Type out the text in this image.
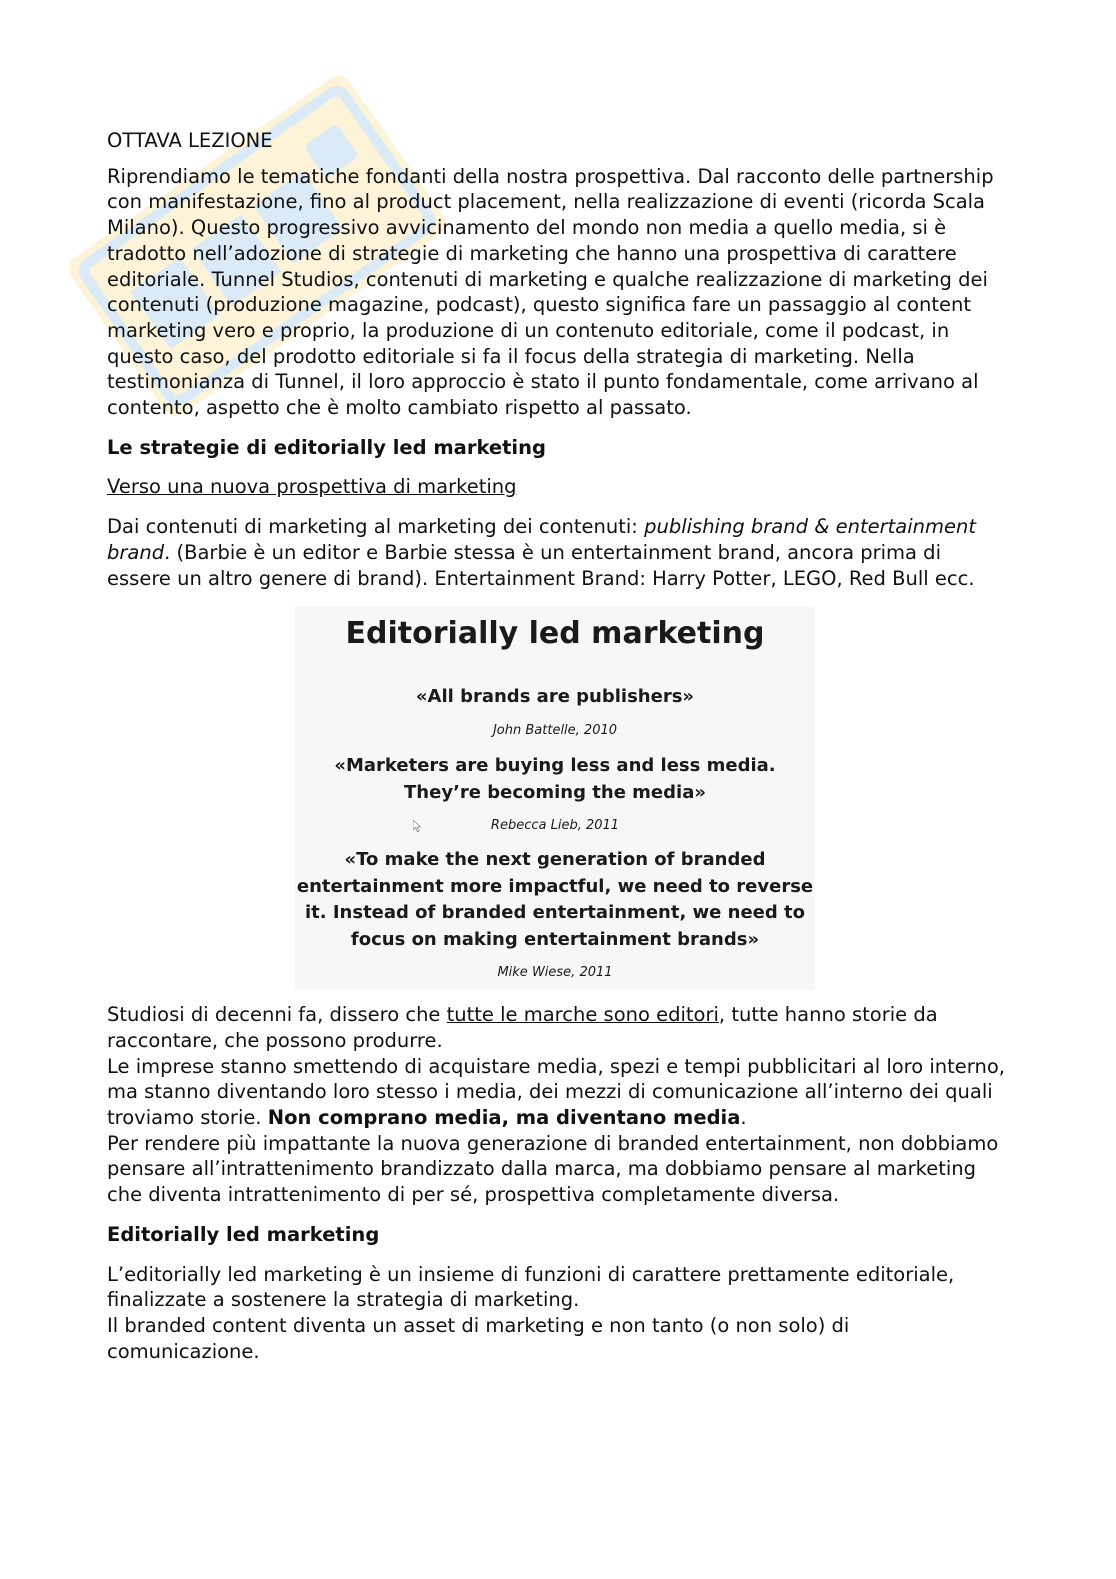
OTTAVA LEZIONE

Riprendiamo le tematiche fondanti della nostra prospettiva. Dal racconto delle partnership con manifestazione, fino al product placement, nella realizzazione di eventi (ricorda Scala Milano). Questo progressivo avvicinamento del mondo non media a quello media, si è tradotto nell’adozione di strategie di marketing che hanno una prospettiva di carattere editoriale. Tunnel Studios, contenuti di marketing e qualche realizzazione di marketing dei contenuti (produzione magazine, podcast), questo significa fare un passaggio al content marketing vero e proprio, la produzione di un contenuto editoriale, come il podcast, in questo caso, del prodotto editoriale si fa il focus della strategia di marketing. Nella testimonianza di Tunnel, il loro approccio è stato il punto fondamentale, come arrivano al contento, aspetto che è molto cambiato rispetto al passato.

Le strategie di editorially led marketing

Verso una nuova prospettiva di marketing

Dai contenuti di marketing al marketing dei contenuti: publishing brand & entertainment brand. (Barbie è un editor e Barbie stessa è un entertainment brand, ancora prima di essere un altro genere di brand). Entertainment Brand: Harry Potter, LEGO, Red Bull ecc.

Editorially led marketing
«All brands are publishers»
John Battelle, 2010
«Marketers are buying less and less media.
They’re becoming the media»
Rebecca Lieb, 2011
«To make the next generation of branded
entertainment more impactful, we need to reverse
it. Instead of branded entertainment, we need to
focus on making entertainment brands»
Mike Wiese, 2011

Studiosi di decenni fa, dissero che tutte le marche sono editori, tutte hanno storie da raccontare, che possono produrre.
Le imprese stanno smettendo di acquistare media, spezi e tempi pubblicitari al loro interno, ma stanno diventando loro stesso i media, dei mezzi di comunicazione all’interno dei quali troviamo storie. Non comprano media, ma diventano media.
Per rendere più impattante la nuova generazione di branded entertainment, non dobbiamo pensare all’intrattenimento brandizzato dalla marca, ma dobbiamo pensare al marketing che diventa intrattenimento di per sé, prospettiva completamente diversa.

Editorially led marketing

L’editorially led marketing è un insieme di funzioni di carattere prettamente editoriale, finalizzate a sostenere la strategia di marketing.
Il branded content diventa un asset di marketing e non tanto (o non solo) di comunicazione.
